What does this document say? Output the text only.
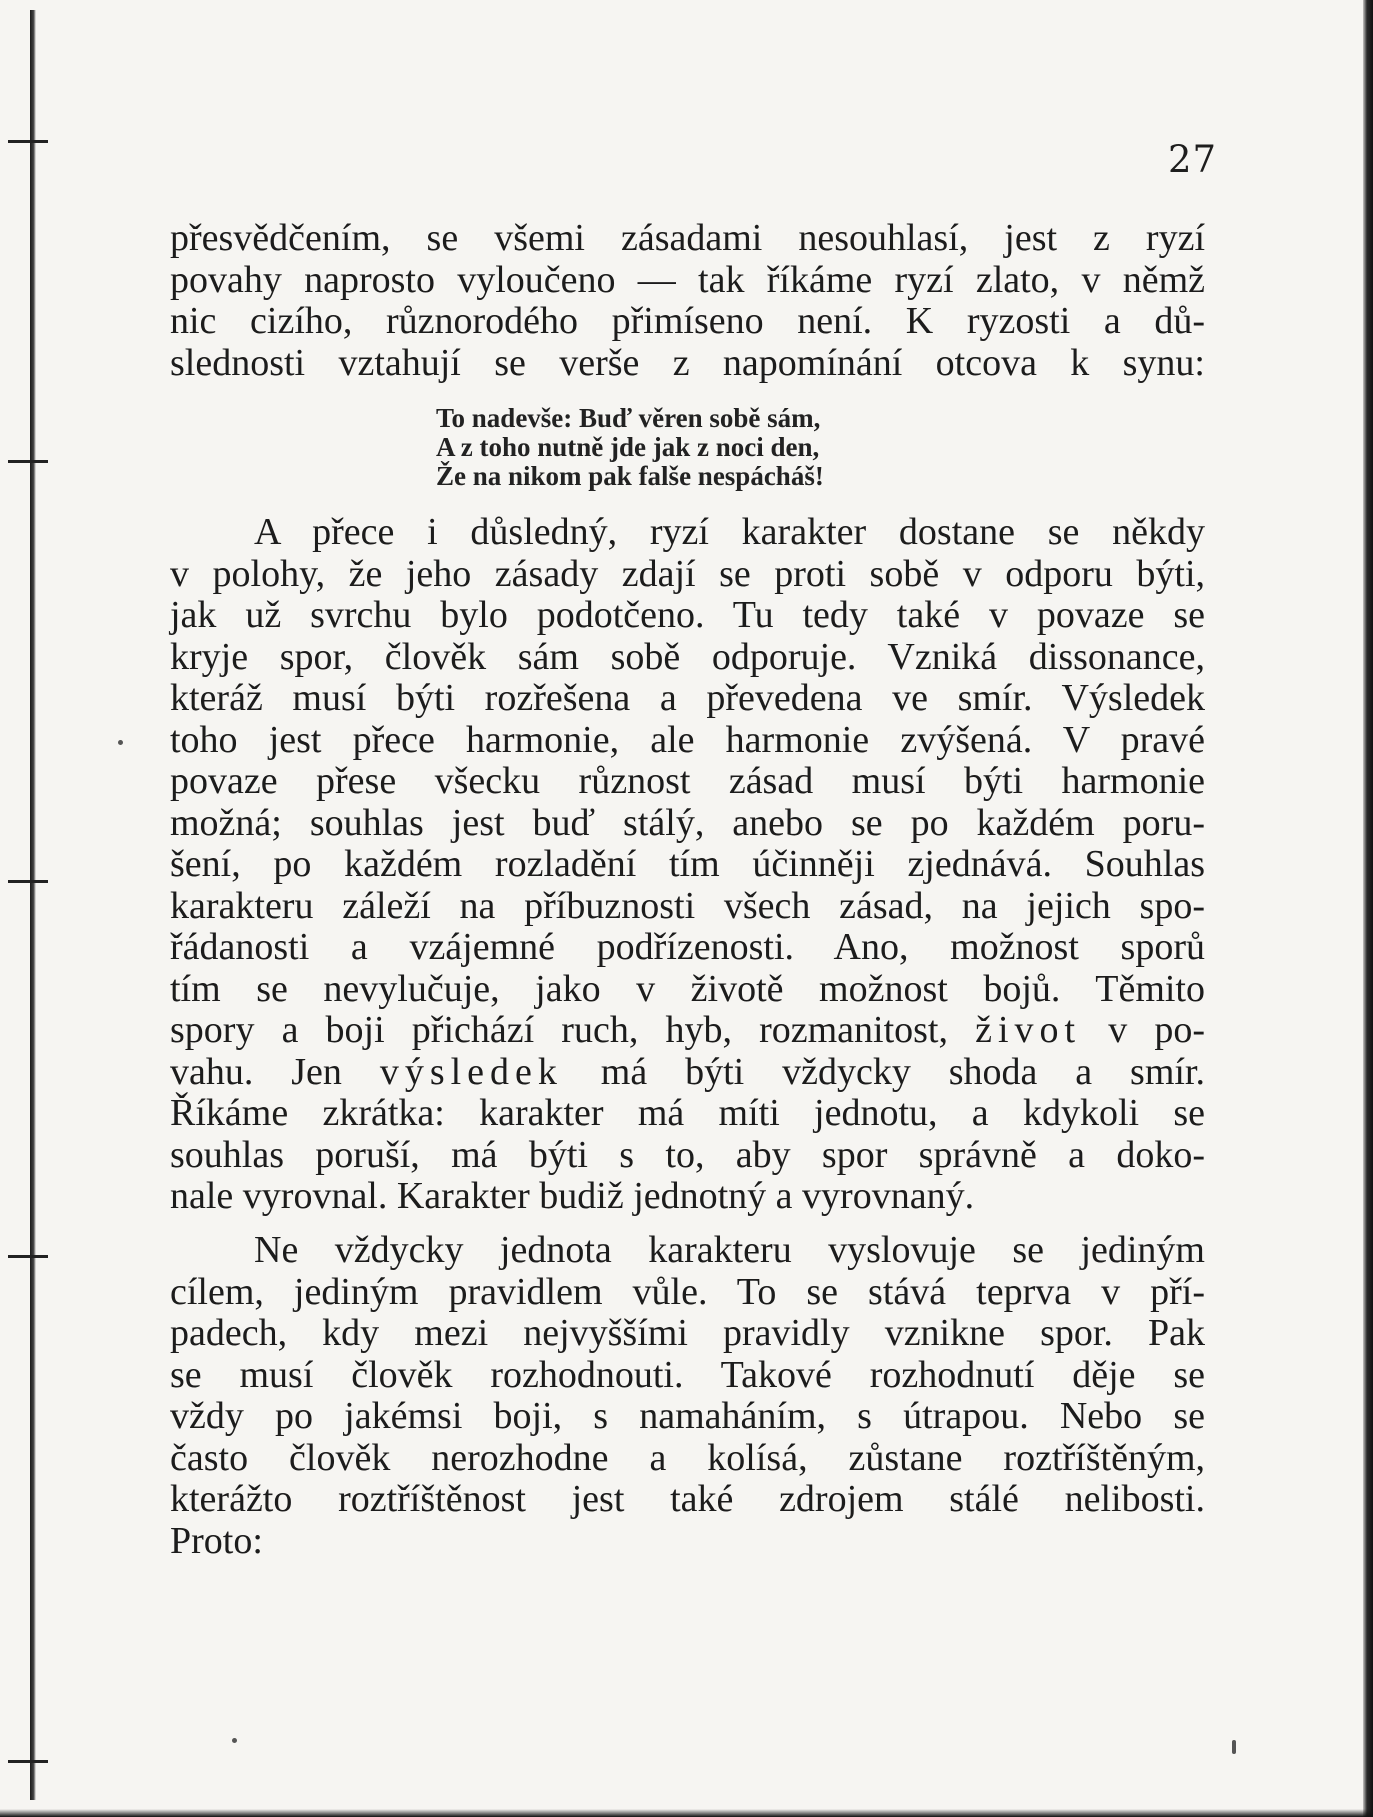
27
přesvědčením, se všemi zásadami nesouhlasí, jest z ryzí
povahy naprosto vyloučeno — tak říkáme ryzí zlato, v němž
nic cizího, různorodého přimíseno není. K ryzosti a dů-
slednosti vztahují se verše z napomínání otcova k synu:
To nadevše: Buď věren sobě sám,
A z toho nutně jde jak z noci den,
Že na nikom pak falše nespácháš!
A přece i důsledný, ryzí karakter dostane se někdy
v polohy, že jeho zásady zdají se proti sobě v odporu býti,
jak už svrchu bylo podotčeno. Tu tedy také v povaze se
kryje spor, člověk sám sobě odporuje. Vzniká dissonance,
kteráž musí býti rozřešena a převedena ve smír. Výsledek
toho jest přece harmonie, ale harmonie zvýšená. V pravé
povaze přese všecku různost zásad musí býti harmonie
možná; souhlas jest buď stálý, anebo se po každém poru-
šení, po každém rozladění tím účinněji zjednává. Souhlas
karakteru záleží na příbuznosti všech zásad, na jejich spo-
řádanosti a vzájemné podřízenosti. Ano, možnost sporů
tím se nevylučuje, jako v životě možnost bojů. Těmito
spory a boji přichází ruch, hyb, rozmanitost, život v po-
vahu. Jen výsledek má býti vždycky shoda a smír.
Říkáme zkrátka: karakter má míti jednotu, a kdykoli se
souhlas poruší, má býti s to, aby spor správně a doko-
nale vyrovnal. Karakter budiž jednotný a vyrovnaný.
Ne vždycky jednota karakteru vyslovuje se jediným
cílem, jediným pravidlem vůle. To se stává teprva v pří-
padech, kdy mezi nejvyššími pravidly vznikne spor. Pak
se musí člověk rozhodnouti. Takové rozhodnutí děje se
vždy po jakémsi boji, s namaháním, s útrapou. Nebo se
často člověk nerozhodne a kolísá, zůstane roztříštěným,
kterážto roztříštěnost jest také zdrojem stálé nelibosti.
Proto:
